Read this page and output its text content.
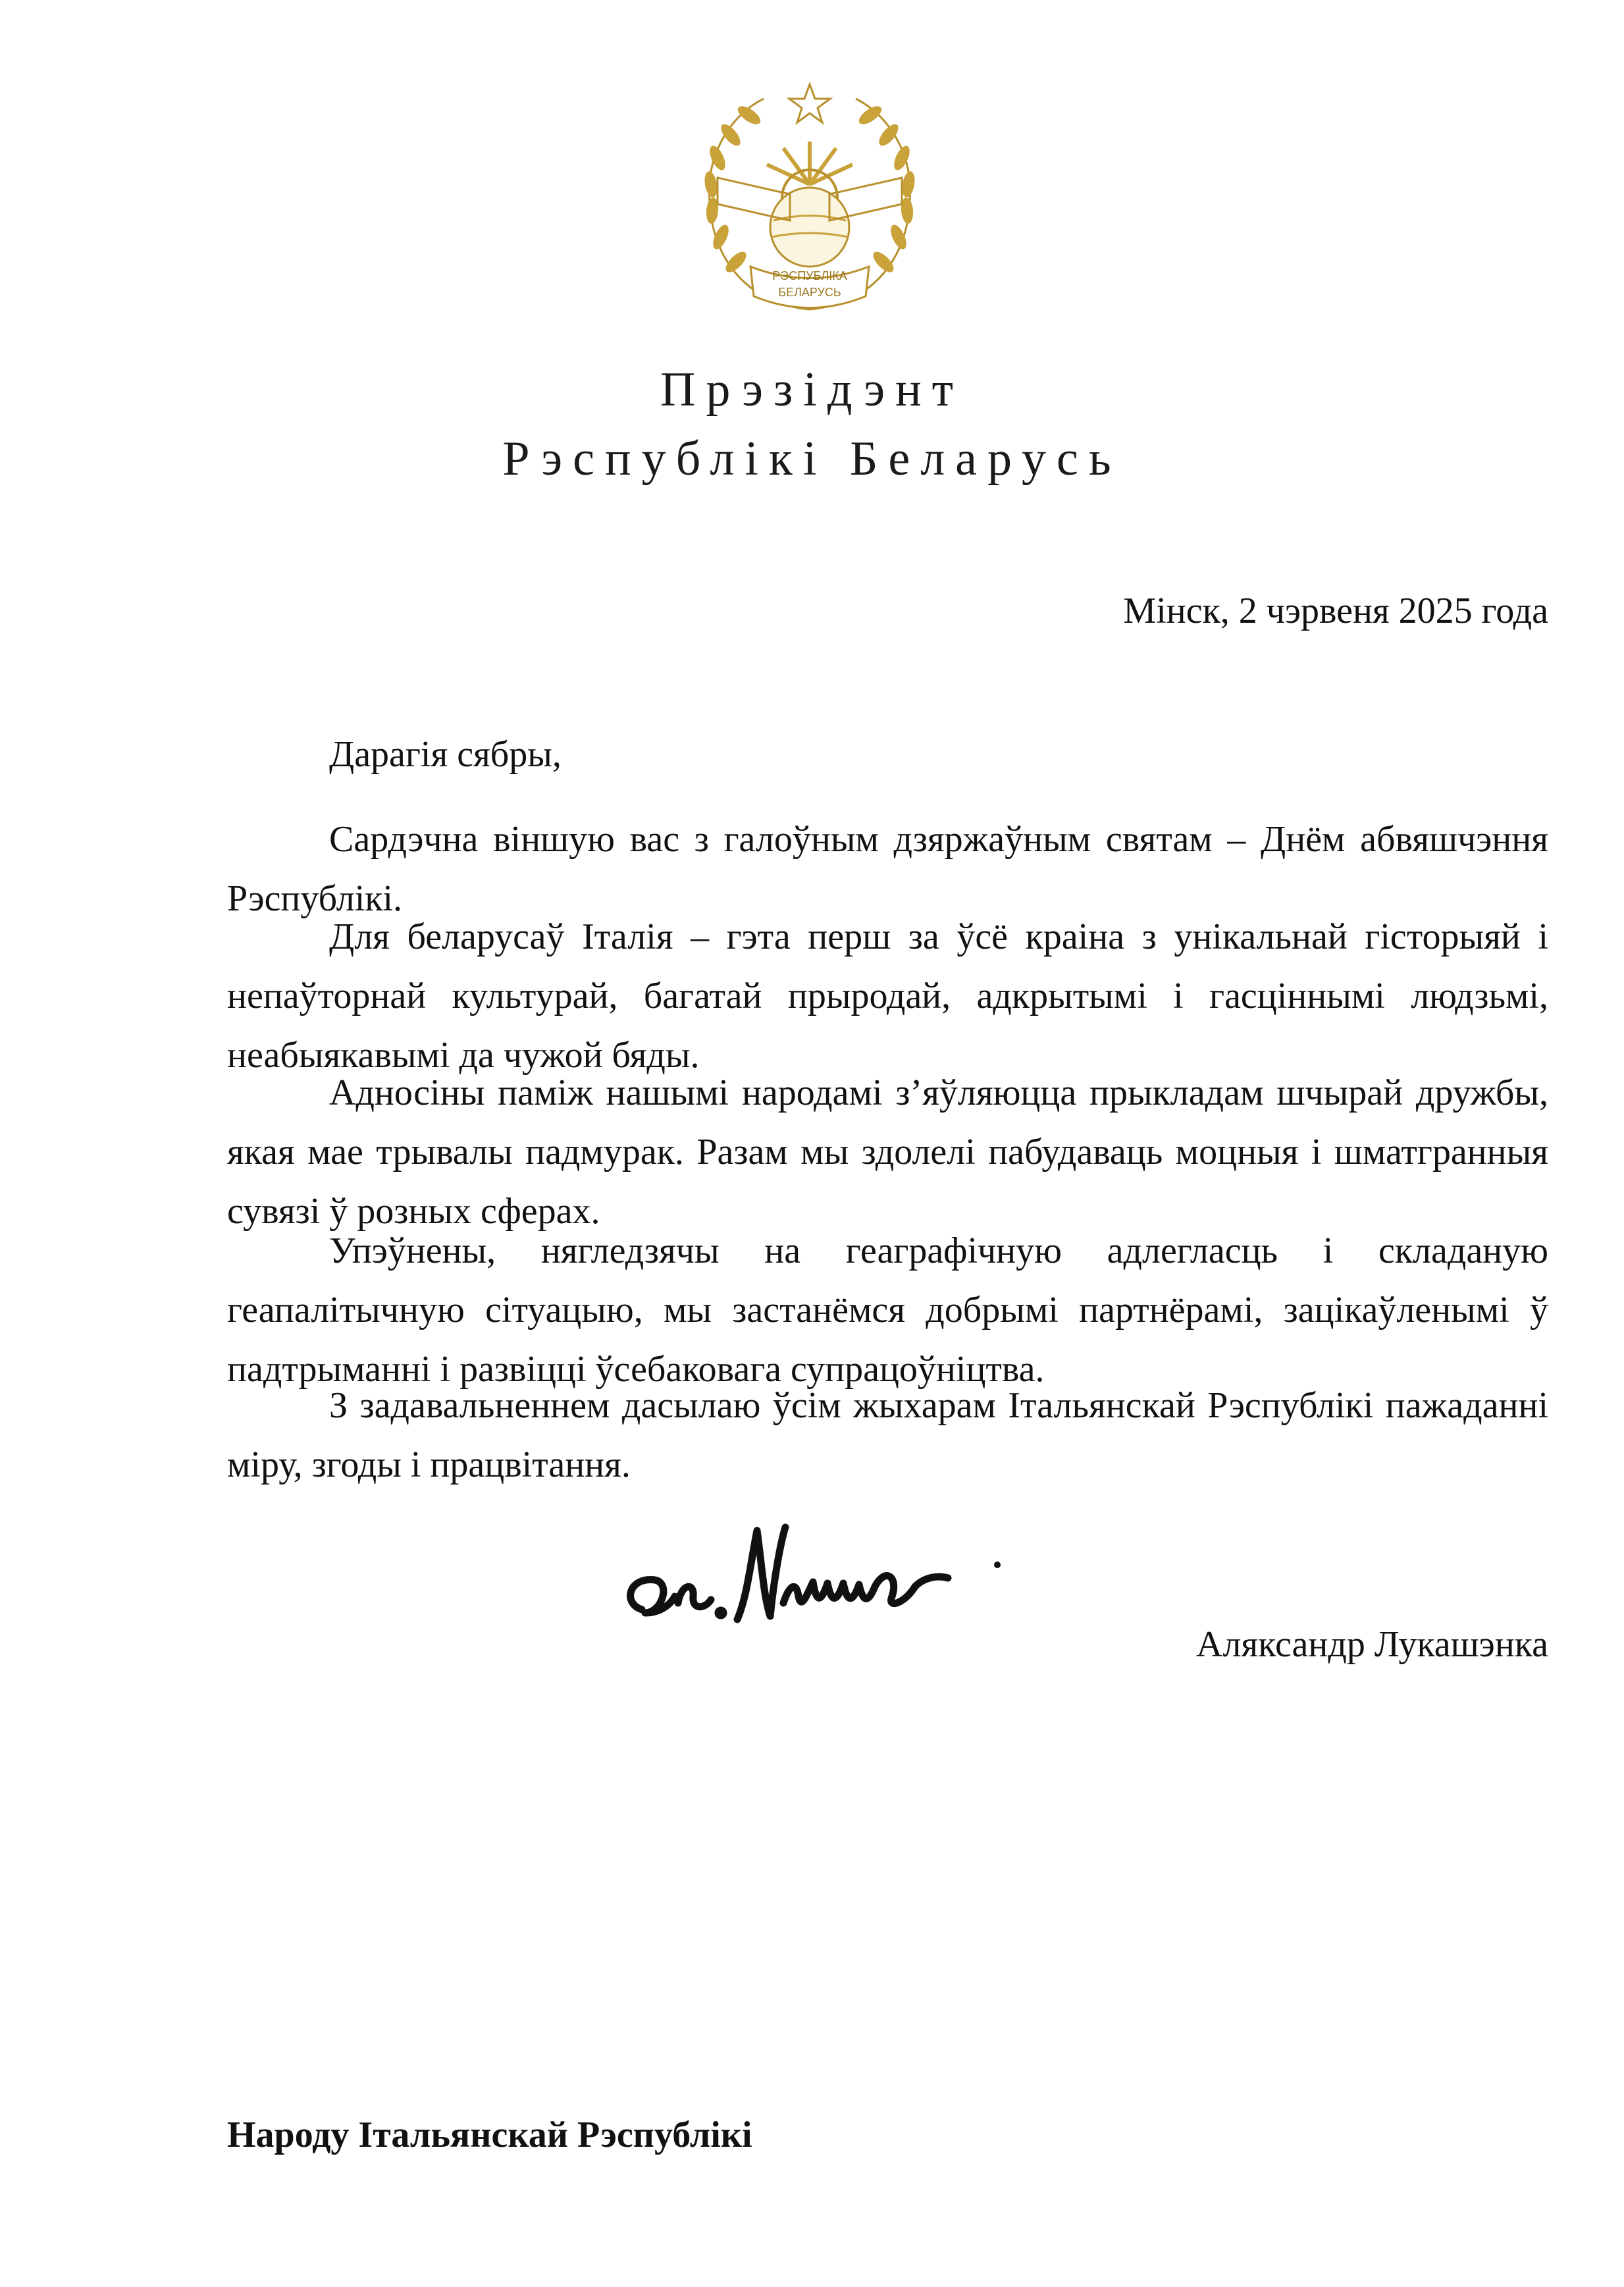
РЭСПУБЛІКА
БЕЛАРУСЬ
Прэзідэнт
Рэспублікі Беларусь
Мінск, 2 чэрвеня 2025 года
Дарагія сябры,

Сардэчна віншую вас з галоўным дзяржаўным святам – Днём абвяшчэння Рэспублікі.

Для беларусаў Італія – гэта перш за ўсё краіна з унікальнай гісторыяй і непаўторнай культурай, багатай прыродай, адкрытымі і гасціннымі людзьмі, неабыякавымі да чужой бяды.

Адносіны паміж нашымі народамі з’яўляюцца прыкладам шчырай дружбы, якая мае трывалы падмурак. Разам мы здолелі пабудаваць моцныя і шматгранныя сувязі ў розных сферах.

Упэўнены, нягледзячы на геаграфічную адлегласць і складаную геапалітычную сітуацыю, мы застанёмся добрымі партнёрамі, зацікаўленымі ў падтрыманні і развіцці ўсебаковага супрацоўніцтва.

З задавальненнем дасылаю ўсім жыхарам Італьянскай Рэспублікі пажаданні міру, згоды і працвітання.

Аляксандр Лукашэнка
Народу Італьянскай Рэспублікі
